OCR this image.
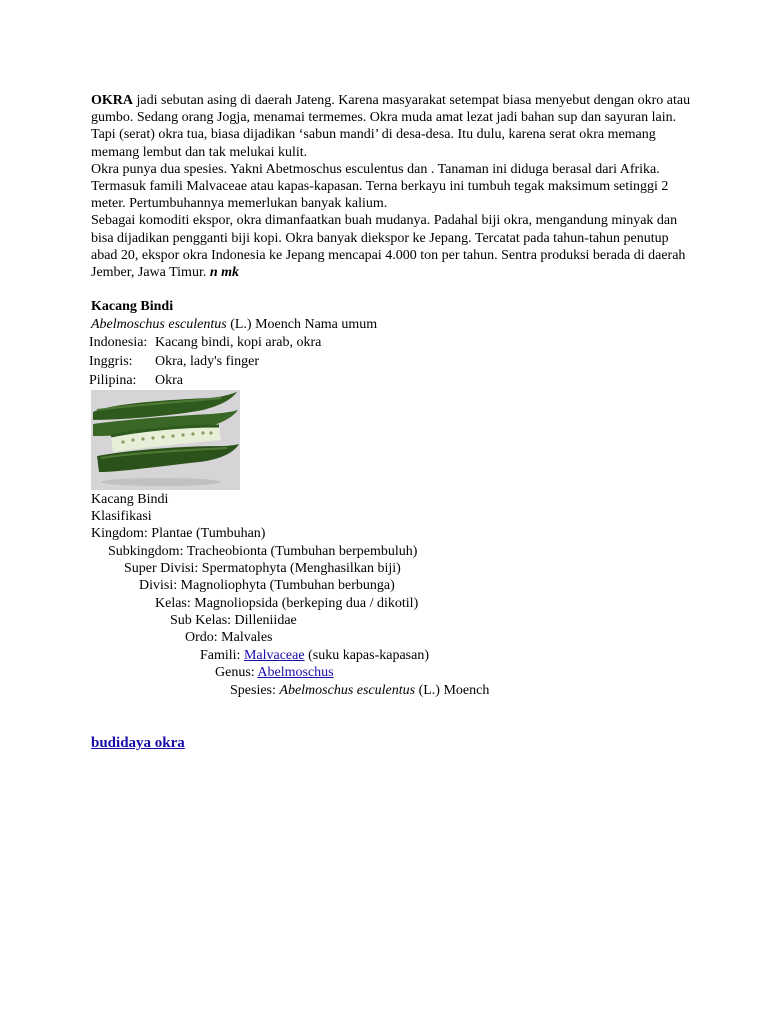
OKRA jadi sebutan asing di daerah Jateng. Karena masyarakat setempat biasa menyebut dengan okro atau gumbo. Sedang orang Jogja, menamai termemes. Okra muda amat lezat jadi bahan sup dan sayuran lain. Tapi (serat) okra tua, biasa dijadikan ‘sabun mandi’ di desa-desa. Itu dulu, karena serat okra memang memang lembut dan tak melukai kulit.
Okra punya dua spesies. Yakni Abetmoschus esculentus dan . Tanaman ini diduga berasal dari Afrika. Termasuk famili Malvaceae atau kapas-kapasan. Terna berkayu ini tumbuh tegak maksimum setinggi 2 meter. Pertumbuhannya memerlukan banyak kalium.
Sebagai komoditi ekspor, okra dimanfaatkan buah mudanya. Padahal biji okra, mengandung minyak dan bisa dijadikan pengganti biji kopi. Okra banyak diekspor ke Jepang. Tercatat pada tahun-tahun penutup abad 20, ekspor okra Indonesia ke Jepang mencapai 4.000 ton per tahun. Sentra produksi berada di daerah Jember, Jawa Timur. n mk

Kacang Bindi
Abelmoschus esculentus (L.) Moench Nama umum
Indonesia:	Kacang bindi, kopi arab, okra
Inggris:	Okra, lady's finger
Pilipina:	Okra
Kacang Bindi
Klasifikasi
Kingdom: Plantae (Tumbuhan)
Subkingdom: Tracheobionta (Tumbuhan berpembuluh)
Super Divisi: Spermatophyta (Menghasilkan biji)
Divisi: Magnoliophyta (Tumbuhan berbunga)
Kelas: Magnoliopsida (berkeping dua / dikotil)
Sub Kelas: Dilleniidae
Ordo: Malvales
Famili: Malvaceae (suku kapas-kapasan)
Genus: Abelmoschus
Spesies: Abelmoschus esculentus (L.) Moench
budidaya okra
